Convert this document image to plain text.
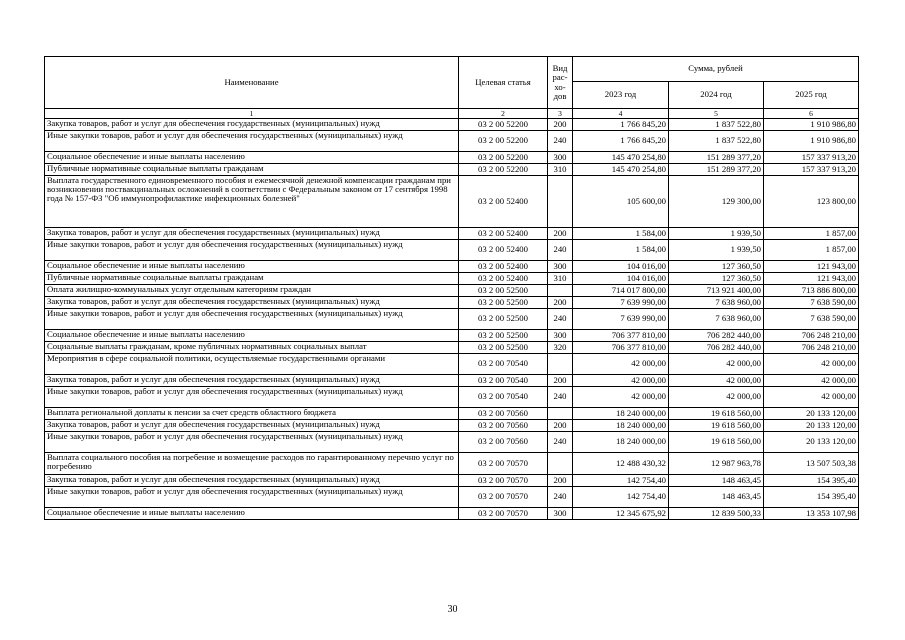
Наименование	Целевая статья	Вид рас- хо- дов	Сумма, рублей		
			2023 год	2024 год	2025 год
1	2	3	4	5	6
Закупка товаров, работ и услуг для обеспечения государственных (муниципальных) нужд	03 2 00 52200	200	1 766 845,20	1 837 522,80	1 910 986,80
Иные закупки товаров, работ и услуг для обеспечения государственных (муниципальных) нужд	03 2 00 52200	240	1 766 845,20	1 837 522,80	1 910 986,80
Социальное обеспечение и иные выплаты населению	03 2 00 52200	300	145 470 254,80	151 289 377,20	157 337 913,20
Публичные нормативные социальные выплаты гражданам	03 2 00 52200	310	145 470 254,80	151 289 377,20	157 337 913,20
Выплата государственного единовременного пособия и ежемесячной денежной компенсации гражданам при возникновении поствакцинальных осложнений в соответствии с Федеральным законом от 17 сентября 1998 года № 157-ФЗ "Об иммунопрофилактике инфекционных болезней"	03 2 00 52400		105 600,00	129 300,00	123 800,00
Закупка товаров, работ и услуг для обеспечения государственных (муниципальных) нужд	03 2 00 52400	200	1 584,00	1 939,50	1 857,00
Иные закупки товаров, работ и услуг для обеспечения государственных (муниципальных) нужд	03 2 00 52400	240	1 584,00	1 939,50	1 857,00
Социальное обеспечение и иные выплаты населению	03 2 00 52400	300	104 016,00	127 360,50	121 943,00
Публичные нормативные социальные выплаты гражданам	03 2 00 52400	310	104 016,00	127 360,50	121 943,00
Оплата жилищно-коммунальных услуг отдельным категориям граждан	03 2 00 52500		714 017 800,00	713 921 400,00	713 886 800,00
Закупка товаров, работ и услуг для обеспечения государственных (муниципальных) нужд	03 2 00 52500	200	7 639 990,00	7 638 960,00	7 638 590,00
Иные закупки товаров, работ и услуг для обеспечения государственных (муниципальных) нужд	03 2 00 52500	240	7 639 990,00	7 638 960,00	7 638 590,00
Социальное обеспечение и иные выплаты населению	03 2 00 52500	300	706 377 810,00	706 282 440,00	706 248 210,00
Социальные выплаты гражданам, кроме публичных нормативных социальных выплат	03 2 00 52500	320	706 377 810,00	706 282 440,00	706 248 210,00
Мероприятия в сфере социальной политики, осуществляемые государственными органами	03 2 00 70540		42 000,00	42 000,00	42 000,00
Закупка товаров, работ и услуг для обеспечения государственных (муниципальных) нужд	03 2 00 70540	200	42 000,00	42 000,00	42 000,00
Иные закупки товаров, работ и услуг для обеспечения государственных (муниципальных) нужд	03 2 00 70540	240	42 000,00	42 000,00	42 000,00
Выплата региональной доплаты к пенсии за счет средств областного бюджета	03 2 00 70560		18 240 000,00	19 618 560,00	20 133 120,00
Закупка товаров, работ и услуг для обеспечения государственных (муниципальных) нужд	03 2 00 70560	200	18 240 000,00	19 618 560,00	20 133 120,00
Иные закупки товаров, работ и услуг для обеспечения государственных (муниципальных) нужд	03 2 00 70560	240	18 240 000,00	19 618 560,00	20 133 120,00
Выплата социального пособия на погребение и возмещение расходов по гарантированному перечню услуг по погребению	03 2 00 70570		12 488 430,32	12 987 963,78	13 507 503,38
Закупка товаров, работ и услуг для обеспечения государственных (муниципальных) нужд	03 2 00 70570	200	142 754,40	148 463,45	154 395,40
Иные закупки товаров, работ и услуг для обеспечения государственных (муниципальных) нужд	03 2 00 70570	240	142 754,40	148 463,45	154 395,40
Социальное обеспечение и иные выплаты населению	03 2 00 70570	300	12 345 675,92	12 839 500,33	13 353 107,98
30
